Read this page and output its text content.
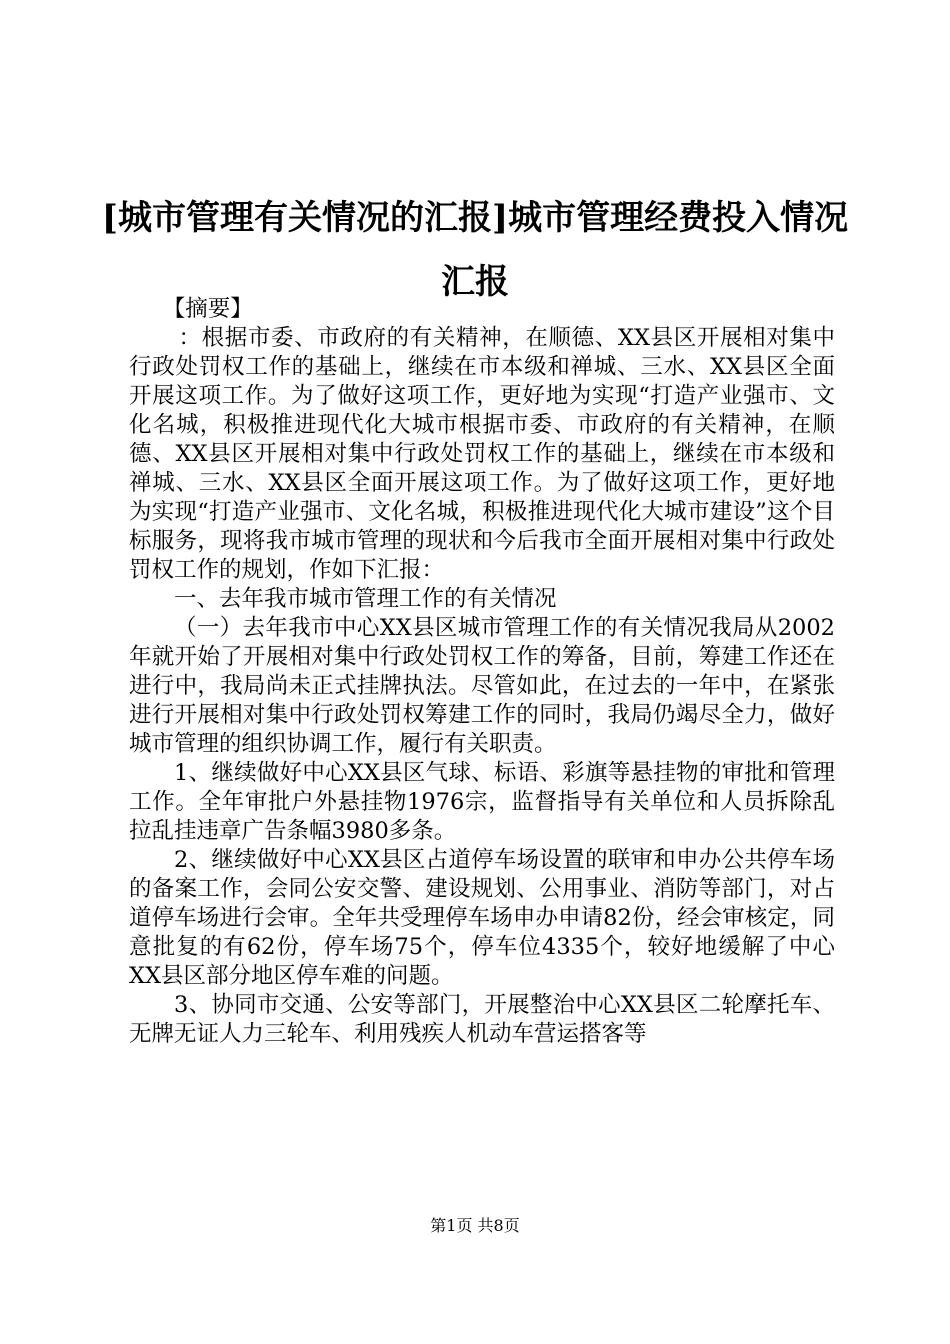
[城市管理有关情况的汇报]城市管理经费投入情况汇报

【摘要】

：根据市委、市政府的有关精神，在顺德、XX县区开展相对集中行政处罚权工作的基础上，继续在市本级和禅城、三水、XX县区全面开展这项工作。为了做好这项工作，更好地为实现“打造产业强市、文化名城，积极推进现代化大城市根据市委、市政府的有关精神，在顺德、XX县区开展相对集中行政处罚权工作的基础上，继续在市本级和禅城、三水、XX县区全面开展这项工作。为了做好这项工作，更好地为实现“打造产业强市、文化名城，积极推进现代化大城市建设”这个目标服务，现将我市城市管理的现状和今后我市全面开展相对集中行政处罚权工作的规划，作如下汇报：

一、去年我市城市管理工作的有关情况

（一）去年我市中心XX县区城市管理工作的有关情况我局从2002年就开始了开展相对集中行政处罚权工作的筹备，目前，筹建工作还在进行中，我局尚未正式挂牌执法。尽管如此，在过去的一年中，在紧张进行开展相对集中行政处罚权筹建工作的同时，我局仍竭尽全力，做好城市管理的组织协调工作，履行有关职责。

1、继续做好中心XX县区气球、标语、彩旗等悬挂物的审批和管理工作。全年审批户外悬挂物1976宗，监督指导有关单位和人员拆除乱拉乱挂违章广告条幅3980多条。

2、继续做好中心XX县区占道停车场设置的联审和申办公共停车场的备案工作，会同公安交警、建设规划、公用事业、消防等部门，对占道停车场进行会审。全年共受理停车场申办申请82份，经会审核定，同意批复的有62份，停车场75个，停车位4335个，较好地缓解了中心XX县区部分地区停车难的问题。

3、协同市交通、公安等部门，开展整治中心XX县区二轮摩托车、无牌无证人力三轮车、利用残疾人机动车营运搭客等

第1页 共8页
